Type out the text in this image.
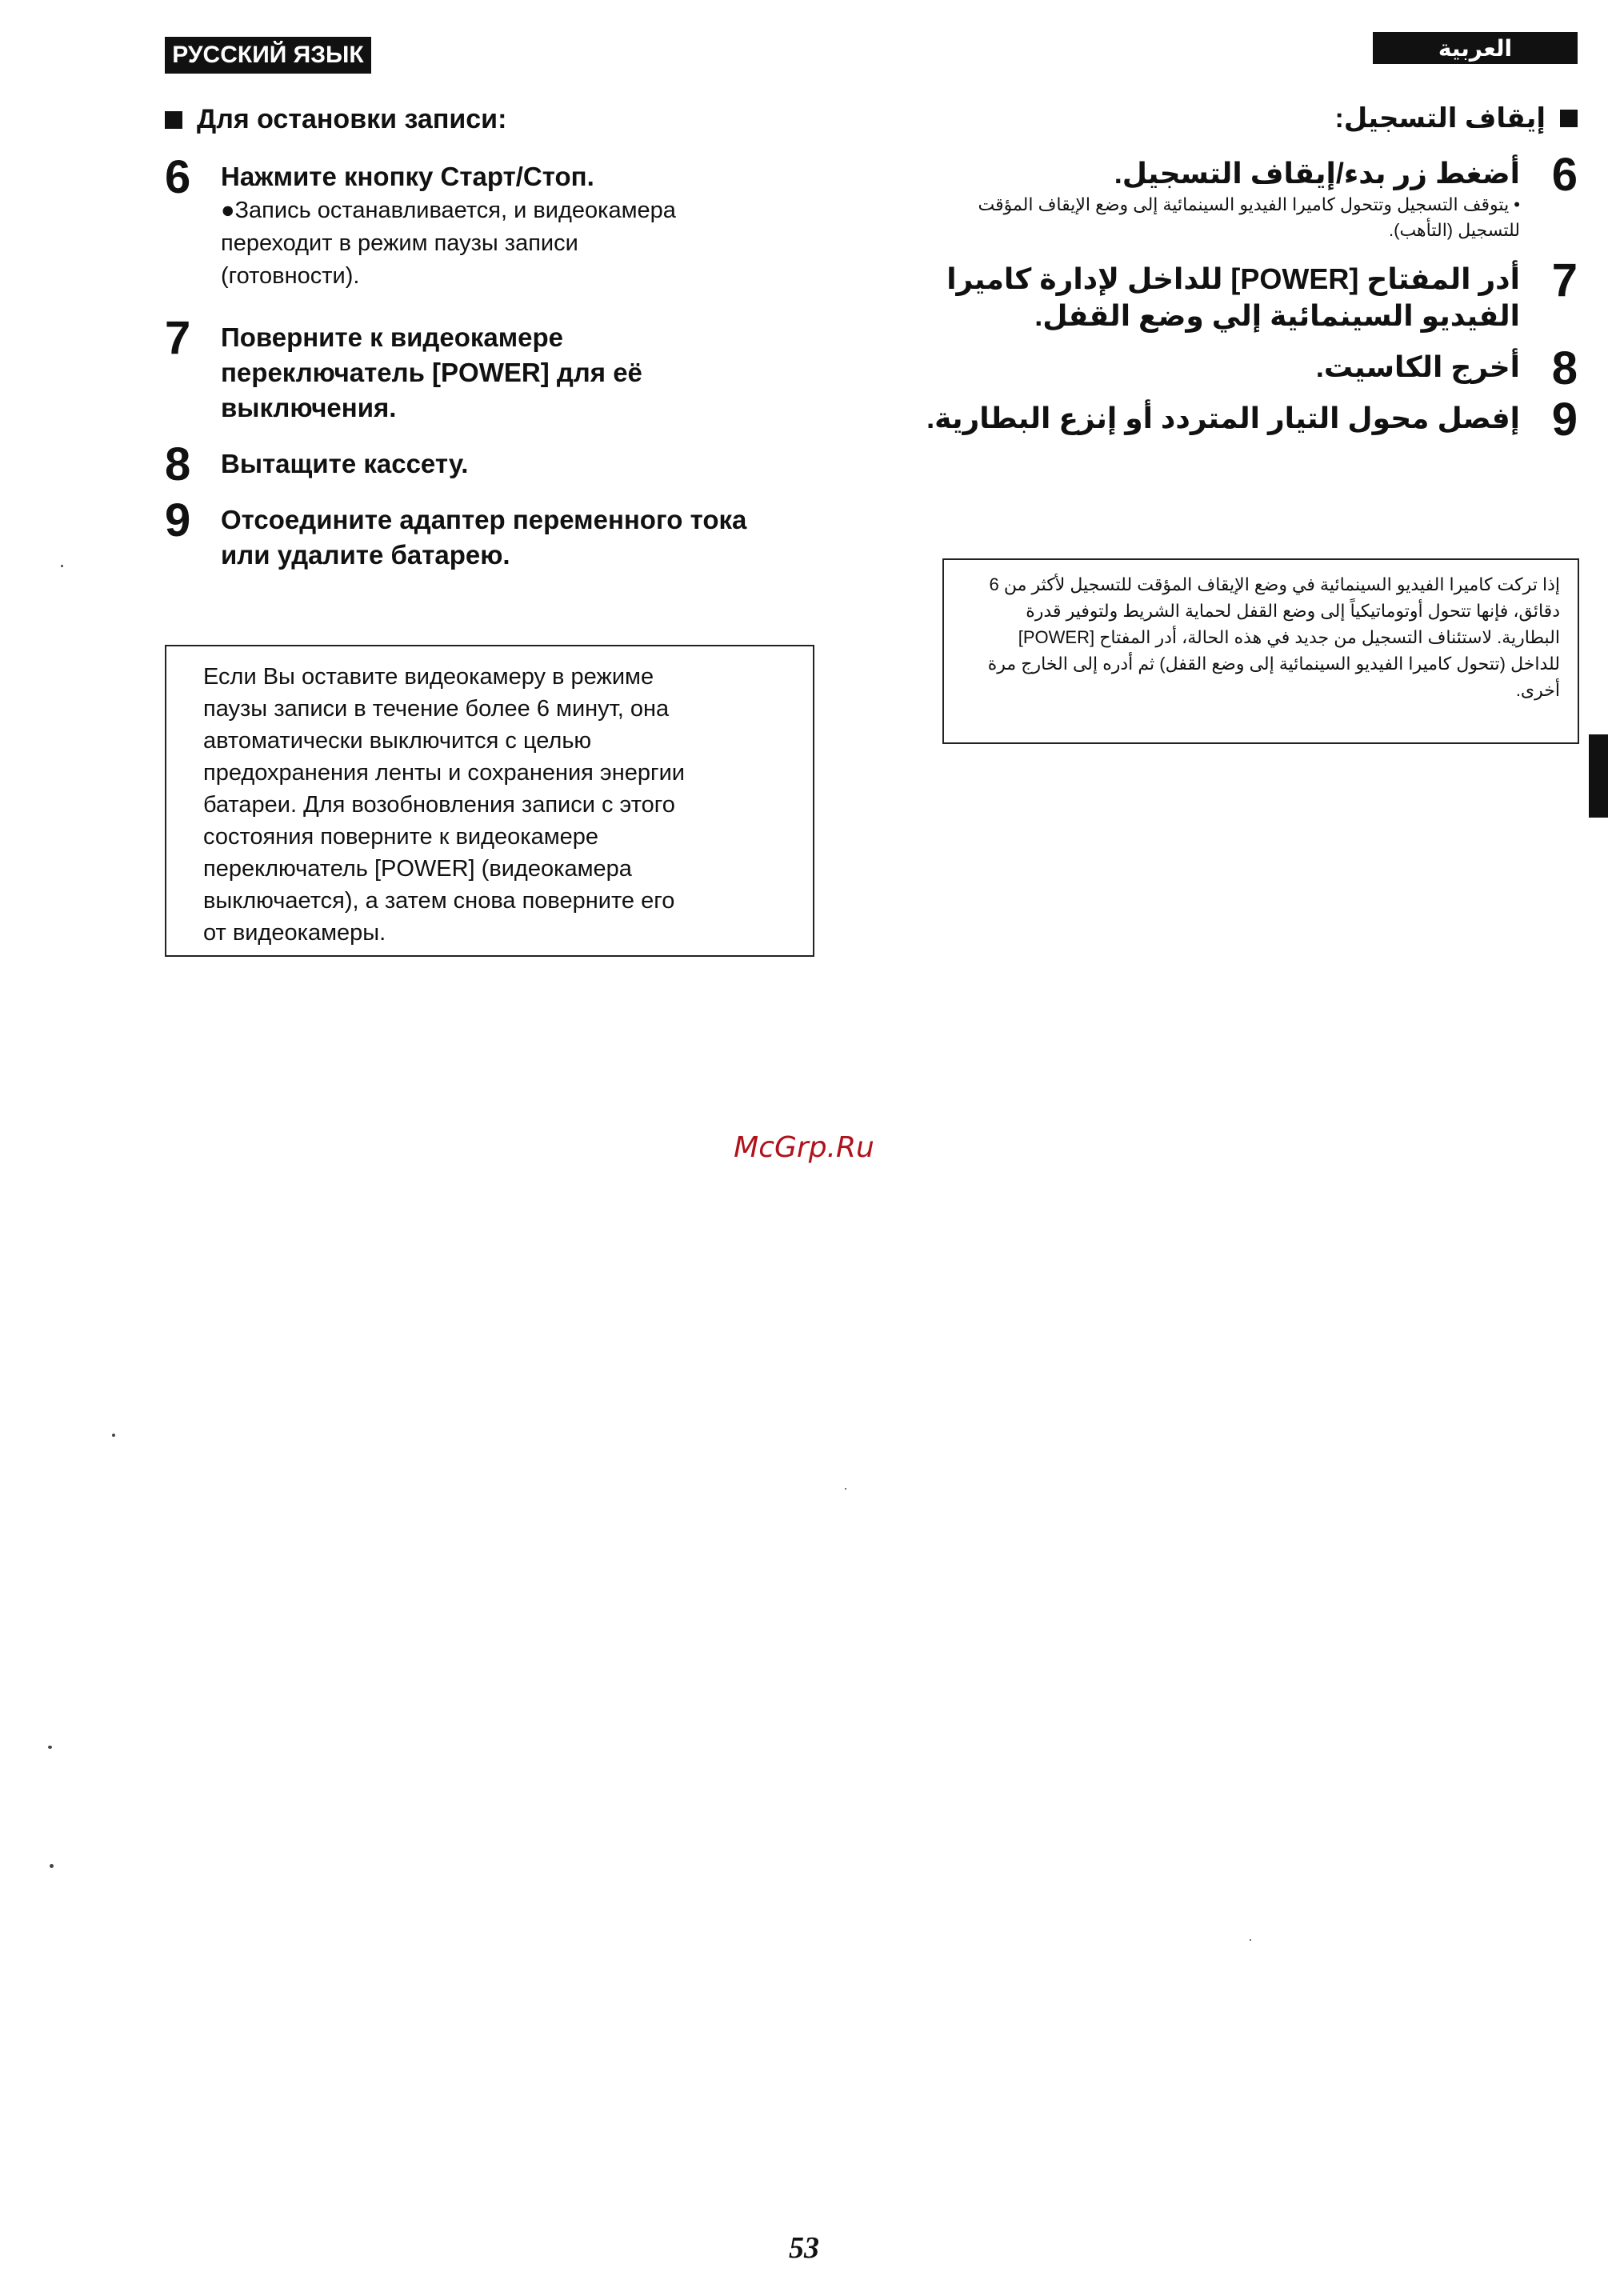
РУССКИЙ ЯЗЫК	العربية
Для остановки записи:
6 Нажмите кнопку Старт/Стоп.
●Запись останавливается, и видеокамера
переходит в режим паузы записи
(готовности).
7 Поверните к видеокамере
переключатель [POWER] для её
выключения.
8 Вытащите кассету.
9 Отсоедините адаптер переменного тока
или удалите батарею.
Если Вы оставите видеокамеру в режиме
паузы записи в течение более 6 минут, она
автоматически выключится с целью
предохранения ленты и сохранения энергии
батареи. Для возобновления записи с этого
состояния поверните к видеокамере
переключатель [POWER] (видеокамера
выключается), а затем снова поверните его
от видеокамеры.
إيقاف التسجيل:
6
أضغط زر بدء/إيقاف التسجيل.
• يتوقف التسجيل وتتحول كاميرا الفيديو السينمائية إلى وضع الإيقاف المؤقت
للتسجيل (التأهب).
7
أدر المفتاح [POWER] للداخل لإدارة كاميرا
الفيديو السينمائية إلي وضع القفل.
8
أخرج الكاسيت.
9
إفصل محول التيار المتردد أو إنزع البطارية.
إذا تركت كاميرا الفيديو السينمائية في وضع الإيقاف المؤقت للتسجيل لأكثر من 6
دقائق، فإنها تتحول أوتوماتيكياً إلى وضع القفل لحماية الشريط ولتوفير قدرة
البطارية. لاستئناف التسجيل من جديد في هذه الحالة، أدر المفتاح [POWER]
للداخل (تتحول كاميرا الفيديو السينمائية إلى وضع القفل) ثم أدره إلى الخارج مرة
أخرى.
McGrp.Ru
53
